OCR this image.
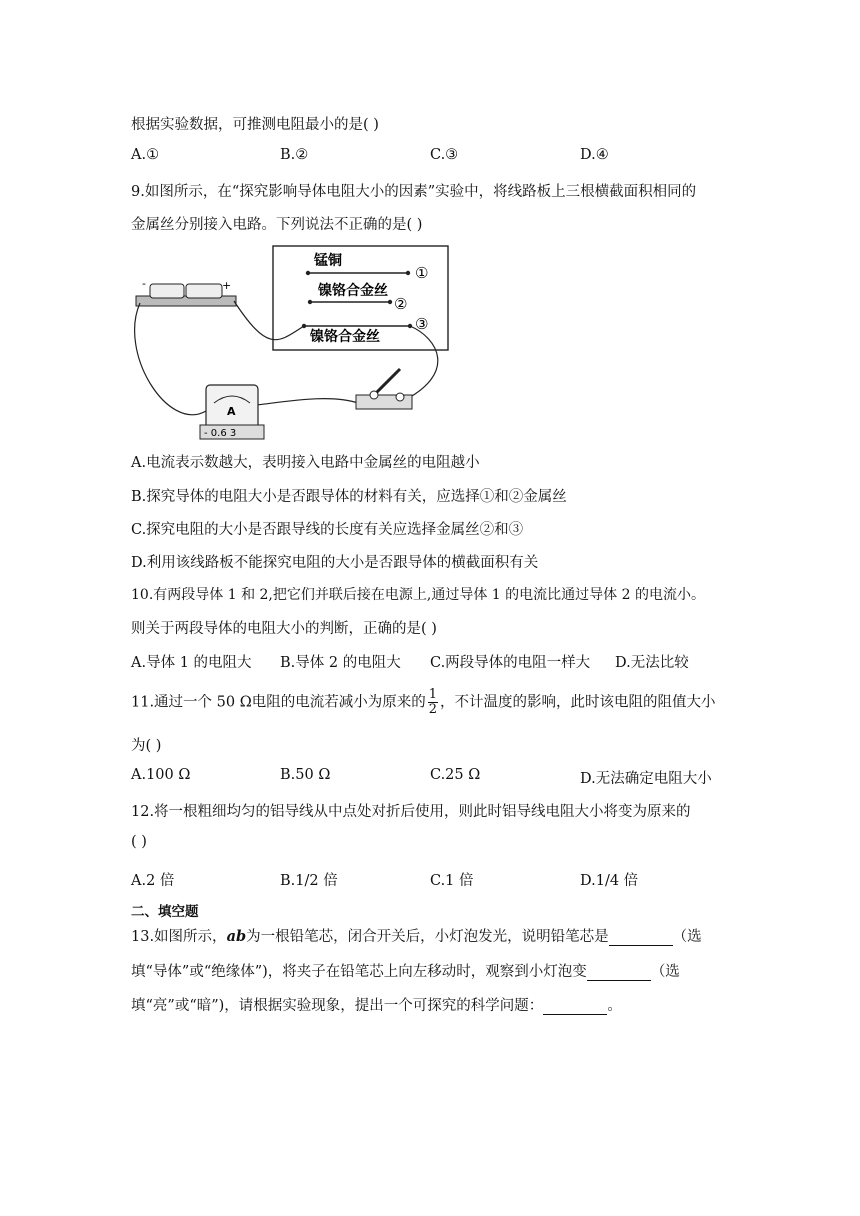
根据实验数据，可推测电阻最小的是( )
A.①	B.②	C.③	D.④
9.如图所示，在“探究影响导体电阻大小的因素”实验中，将线路板上三根横截面积相同的
金属丝分别接入电路。下列说法不正确的是( )
锰铜
①
镍铬合金丝
②
镍铬合金丝
③
-	+
A
- 0.6 3
A.电流表示数越大，表明接入电路中金属丝的电阻越小
B.探究导体的电阻大小是否跟导体的材料有关，应选择①和②金属丝
C.探究电阻的大小是否跟导线的长度有关应选择金属丝②和③
D.利用该线路板不能探究电阻的大小是否跟导体的横截面积有关
10.有两段导体 1 和 2,把它们并联后接在电源上,通过导体 1 的电流比通过导体 2 的电流小。
则关于两段导体的电阻大小的判断，正确的是( )
A.导体 1 的电阻大 B.导体 2 的电阻大 C.两段导体的电阻一样大 D.无法比较
11.通过一个 50 Ω电阻的电流若减小为原来的 $\frac{1}{2}$ ，不计温度的影响，此时该电阻的阻值大小
为( )
A.100 Ω	B.50 Ω	C.25 Ω	D.无法确定电阻大小
12.将一根粗细均匀的铝导线从中点处对折后使用，则此时铝导线电阻大小将变为原来的
( )
A.2 倍	B.1/2 倍	C.1 倍	D.1/4 倍
二、填空题
13.如图所示，ab为一根铅笔芯，闭合开关后，小灯泡发光，说明铅笔芯是	（选
填“导体”或“绝缘体”)，将夹子在铅笔芯上向左移动时，观察到小灯泡变	（选
填“亮”或“暗”)，请根据实验现象，提出一个可探究的科学问题：	。
